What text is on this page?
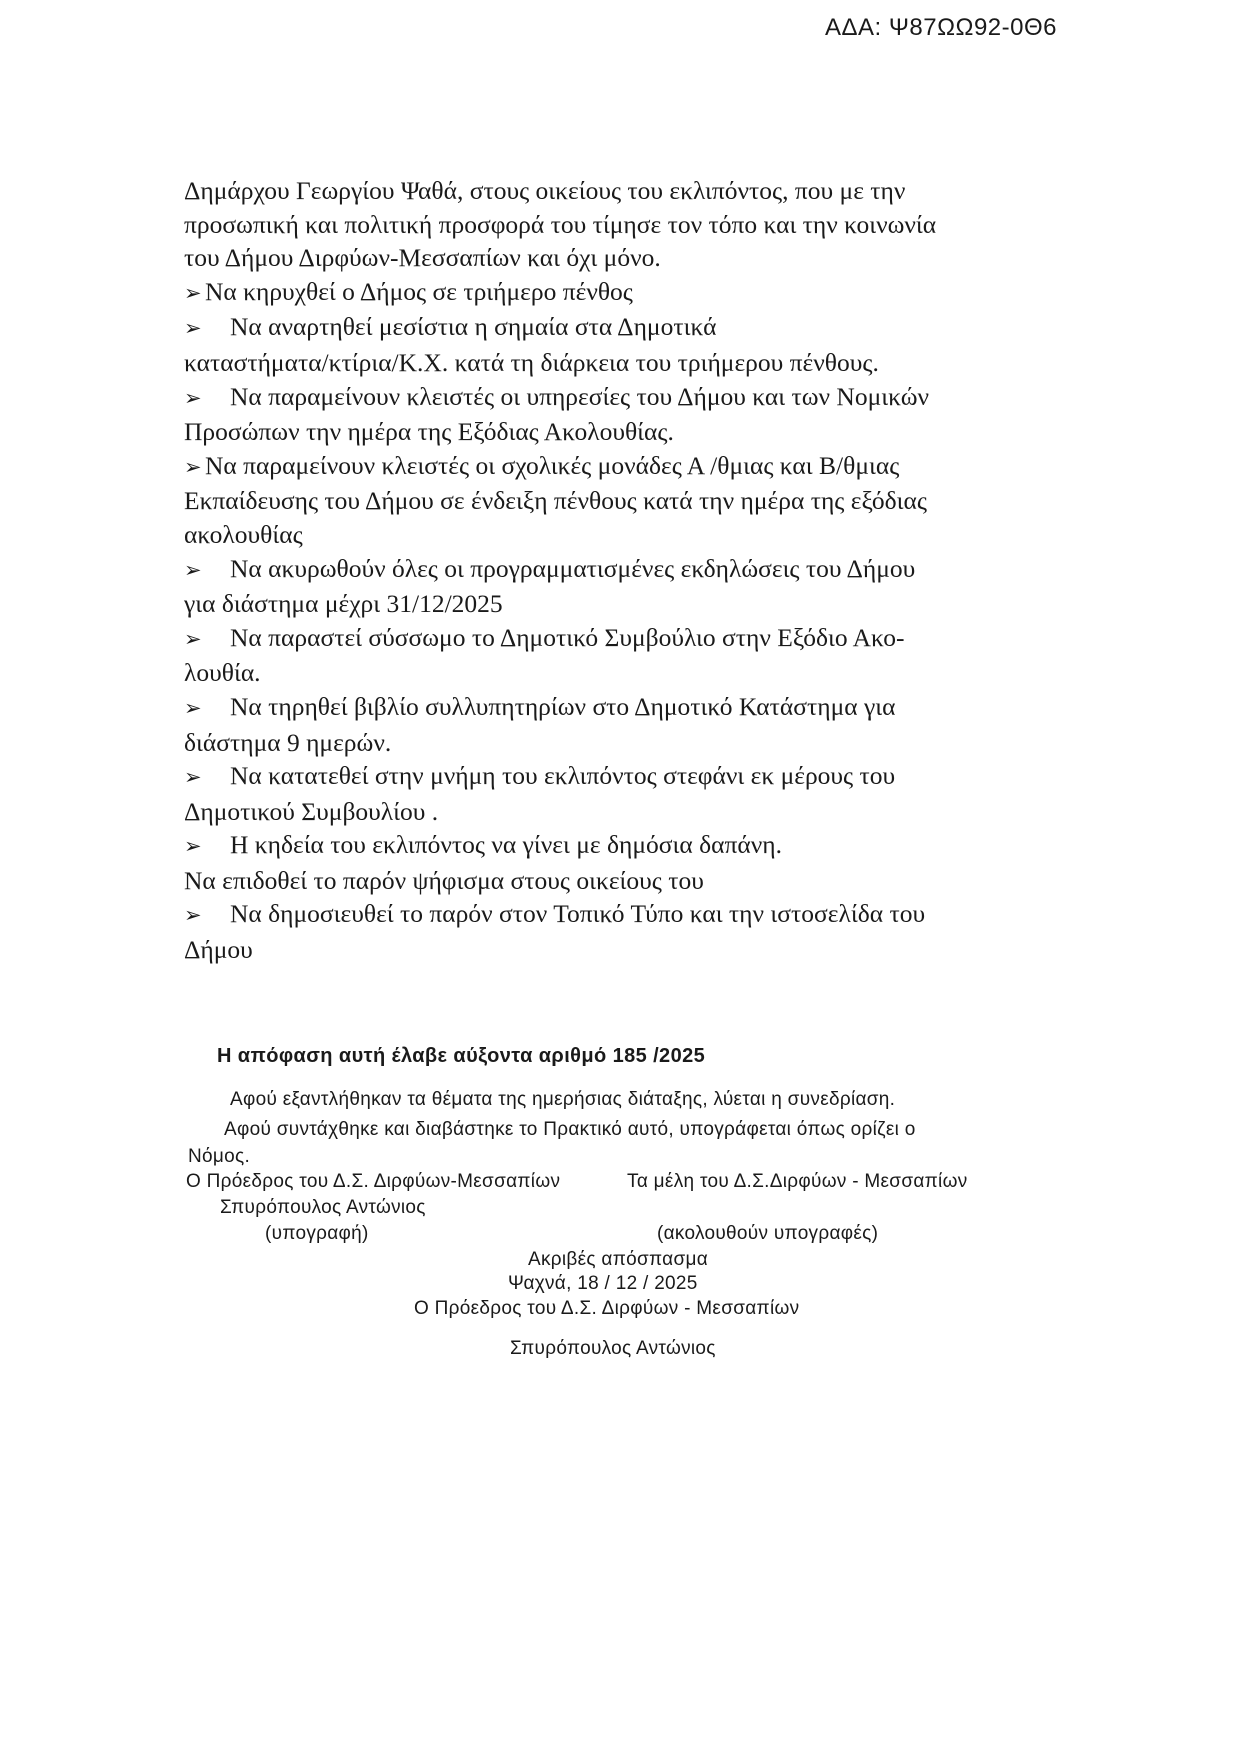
ΑΔΑ: Ψ87ΩΩ92-0Θ6

Δημάρχου Γεωργίου Ψαθά, στους οικείους του εκλιπόντος, που με την

προσωπική και πολιτική προσφορά του τίμησε τον τόπο και την κοινωνία

του Δήμου Διρφύων-Μεσσαπίων και όχι μόνο.

➢ Να κηρυχθεί ο Δήμος σε τριήμερο πένθος

➢ Να αναρτηθεί μεσίστια η σημαία στα Δημοτικά

καταστήματα/κτίρια/Κ.Χ. κατά τη διάρκεια του τριήμερου πένθους.

➢ Να παραμείνουν κλειστές οι υπηρεσίες του Δήμου και των Νομικών

Προσώπων την ημέρα της Εξόδιας Ακολουθίας.

➢ Να παραμείνουν κλειστές οι σχολικές μονάδες Α /θμιας και Β/θμιας

Εκπαίδευσης του Δήμου σε ένδειξη πένθους κατά την ημέρα της εξόδιας

ακολουθίας

➢ Να ακυρωθούν όλες οι προγραμματισμένες εκδηλώσεις του Δήμου

για διάστημα μέχρι 31/12/2025

➢ Να παραστεί σύσσωμο το Δημοτικό Συμβούλιο στην Εξόδιο Ακο-

λουθία.

➢ Να τηρηθεί βιβλίο συλλυπητηρίων στο Δημοτικό Κατάστημα για

διάστημα 9 ημερών.

➢ Να κατατεθεί στην μνήμη του εκλιπόντος στεφάνι εκ μέρους του

Δημοτικού Συμβουλίου .

➢ Η κηδεία του εκλιπόντος να γίνει με δημόσια δαπάνη.

Να επιδοθεί το παρόν ψήφισμα στους οικείους του

➢ Να δημοσιευθεί το παρόν στον Τοπικό Τύπο και την ιστοσελίδα του

Δήμου

Η απόφαση αυτή έλαβε αύξοντα αριθμό 185 /2025
Αφού εξαντλήθηκαν τα θέματα της ημερήσιας διάταξης, λύεται η συνεδρίαση.
Αφού συντάχθηκε και διαβάστηκε το Πρακτικό αυτό, υπογράφεται όπως ορίζει ο
Νόμος.
Ο Πρόεδρος του Δ.Σ. Διρφύων-Μεσσαπίων	Τα μέλη του Δ.Σ.Διρφύων - Μεσσαπίων
Σπυρόπουλος Αντώνιος
(υπογραφή)	(ακολουθούν υπογραφές)
Ακριβές απόσπασμα
Ψαχνά, 18 / 12 / 2025
Ο Πρόεδρος του Δ.Σ. Διρφύων - Μεσσαπίων
Σπυρόπουλος Αντώνιος
